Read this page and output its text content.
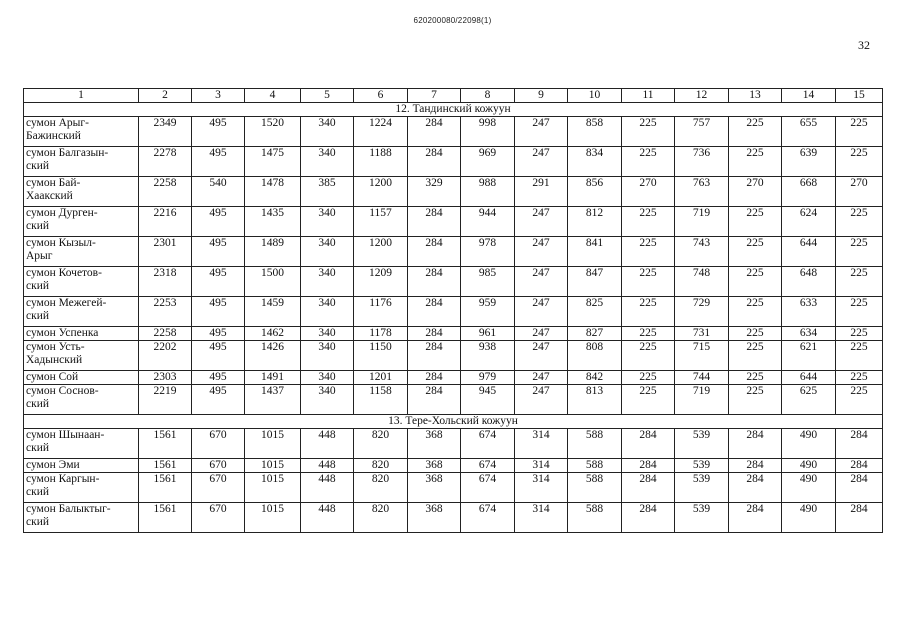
620200080/22098(1)
32
1	2	3	4	5	6	7	8	9	10	11	12	13	14	15
12. Тандинский кожуун														
сумон Арыг-
Бажинский	2349	495	1520	340	1224	284	998	247	858	225	757	225	655	225
сумон Балгазын-
ский	2278	495	1475	340	1188	284	969	247	834	225	736	225	639	225
сумон Бай-
Хаакский	2258	540	1478	385	1200	329	988	291	856	270	763	270	668	270
сумон Дурген-
ский	2216	495	1435	340	1157	284	944	247	812	225	719	225	624	225
сумон Кызыл-
Арыг	2301	495	1489	340	1200	284	978	247	841	225	743	225	644	225
сумон Кочетов-
ский	2318	495	1500	340	1209	284	985	247	847	225	748	225	648	225
сумон Межегей-
ский	2253	495	1459	340	1176	284	959	247	825	225	729	225	633	225
сумон Успенка	2258	495	1462	340	1178	284	961	247	827	225	731	225	634	225
сумон Усть-
Хадынский	2202	495	1426	340	1150	284	938	247	808	225	715	225	621	225
сумон Сой	2303	495	1491	340	1201	284	979	247	842	225	744	225	644	225
сумон Соснов-
ский	2219	495	1437	340	1158	284	945	247	813	225	719	225	625	225
13. Тере-Хольский кожуун														
сумон Шынаан-
ский	1561	670	1015	448	820	368	674	314	588	284	539	284	490	284
сумон Эми	1561	670	1015	448	820	368	674	314	588	284	539	284	490	284
сумон Каргын-
ский	1561	670	1015	448	820	368	674	314	588	284	539	284	490	284
сумон Балыктыг-
ский	1561	670	1015	448	820	368	674	314	588	284	539	284	490	284
